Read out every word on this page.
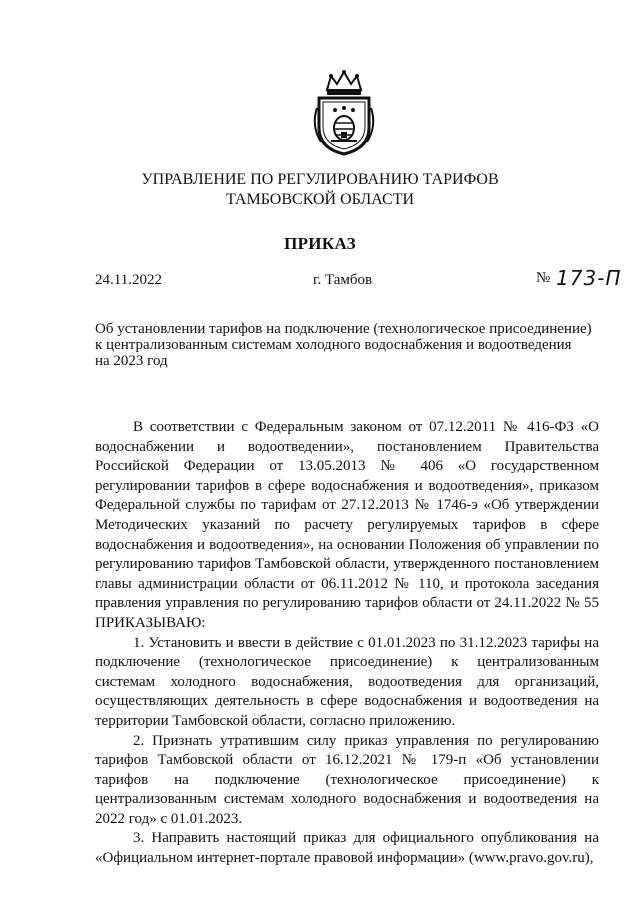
УПРАВЛЕНИЕ ПО РЕГУЛИРОВАНИЮ ТАРИФОВ
ТАМБОВСКОЙ ОБЛАСТИ
ПРИКАЗ
24.11.2022	г. Тамбов	№ 173-П
Об установлении тарифов на подключение (технологическое присоединение)
к централизованным системам холодного водоснабжения и водоотведения
на 2023 год

В соответствии с Федеральным законом от 07.12.2011 № 416-ФЗ «О водоснабжении и водоотведении», постановлением Правительства Российской Федерации от 13.05.2013 № 406 «О государственном регулировании тарифов в сфере водоснабжения и водоотведения», приказом Федеральной службы по тарифам от 27.12.2013 № 1746-э «Об утверждении Методических указаний по расчету регулируемых тарифов в сфере водоснабжения и водоотведения», на основании Положения об управлении по регулированию тарифов Тамбовской области, утвержденного постановлением главы администрации области от 06.11.2012 № 110, и протокола заседания правления управления по регулированию тарифов области от 24.11.2022 № 55 ПРИКАЗЫВАЮ:

1. Установить и ввести в действие с 01.01.2023 по 31.12.2023 тарифы на подключение (технологическое присоединение) к централизованным системам холодного водоснабжения, водоотведения для организаций, осуществляющих деятельность в сфере водоснабжения и водоотведения на территории Тамбовской области, согласно приложению.

2. Признать утратившим силу приказ управления по регулированию тарифов Тамбовской области от 16.12.2021 № 179-п «Об установлении тарифов на подключение (технологическое присоединение) к централизованным системам холодного водоснабжения и водоотведения на 2022 год» с 01.01.2023.

3. Направить настоящий приказ для официального опубликования на «Официальном интернет-портале правовой информации» (www.pravo.gov.ru),
